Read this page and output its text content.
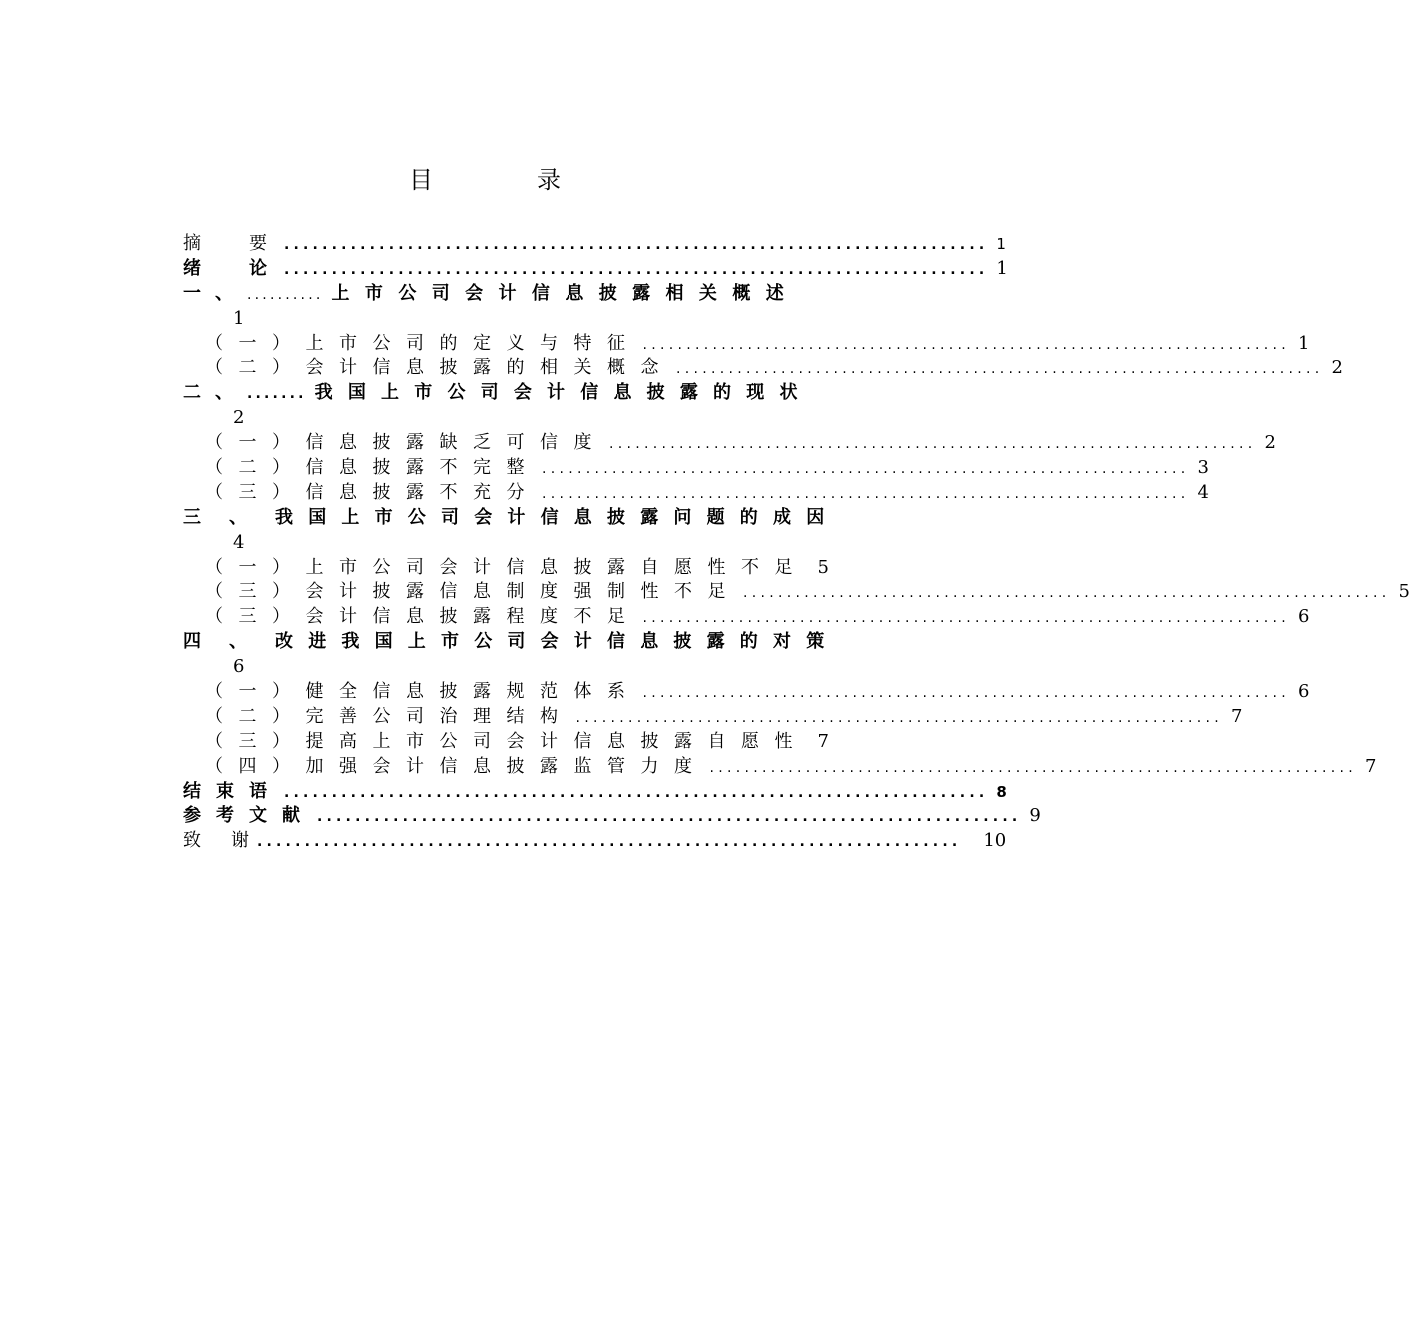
目　录
摘　要 .......................................................................... 1
绪　论 .......................................................................... 1
一、 .......... 上市公司会计信息披露相关概述
1
（一）上市公司的定义与特征 .......................................................................... 1
（二）会计信息披露的相关概念 .......................................................................... 2
二、 ....... 我国上市公司会计信息披露的现状
2
（一）信息披露缺乏可信度 .......................................................................... 2
（二）信息披露不完整 .......................................................................... 3
（三）信息披露不充分 .......................................................................... 4
三、 我国上市公司会计信息披露问题的成因
4
（一）上市公司会计信息披露自愿性不足 5
（三）会计披露信息制度强制性不足 .......................................................................... 5
（三）会计信息披露程度不足 .......................................................................... 6
四、 改进我国上市公司会计信息披露的对策
6
（一）健全信息披露规范体系 .......................................................................... 6
（二）完善公司治理结构 .......................................................................... 7
（三）提高上市公司会计信息披露自愿性 7
（四）加强会计信息披露监管力度 .......................................................................... 7
结束语 .......................................................................... 8
参考文献 .......................................................................... 9
致　谢 .......................................................................... 10
